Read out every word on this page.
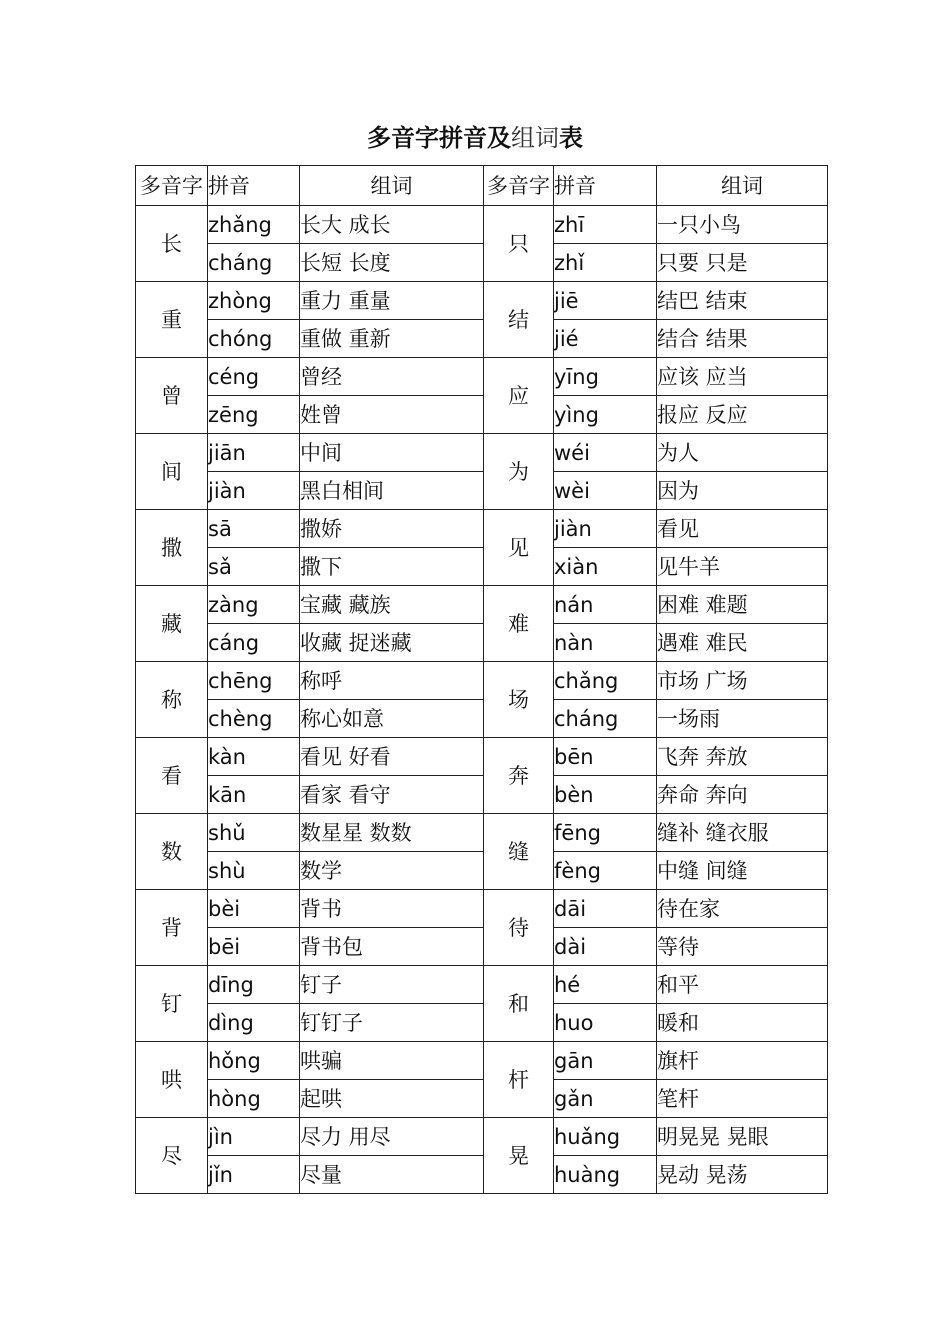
多音字拼音及组词表
多音字	拼音	组词	多音字	拼音	组词
长	zhǎng	长大 成长	只	zhī	一只小鸟
	cháng	长短 长度		zhǐ	只要 只是
重	zhòng	重力 重量	结	jiē	结巴 结束
	chóng	重做 重新		jié	结合 结果
曾	céng	曾经	应	yīng	应该 应当
	zēng	姓曾		yìng	报应 反应
间	jiān	中间	为	wéi	为人
	jiàn	黑白相间		wèi	因为
撒	sā	撒娇	见	jiàn	看见
	sǎ	撒下		xiàn	见牛羊
藏	zàng	宝藏 藏族	难	nán	困难 难题
	cáng	收藏 捉迷藏		nàn	遇难 难民
称	chēng	称呼	场	chǎng	市场 广场
	chèng	称心如意		cháng	一场雨
看	kàn	看见 好看	奔	bēn	飞奔 奔放
	kān	看家 看守		bèn	奔命 奔向
数	shǔ	数星星 数数	缝	fēng	缝补 缝衣服
	shù	数学		fèng	中缝 间缝
背	bèi	背书	待	dāi	待在家
	bēi	背书包		dài	等待
钉	dīng	钉子	和	hé	和平
	dìng	钉钉子		huo	暖和
哄	hǒng	哄骗	杆	gān	旗杆
	hòng	起哄		gǎn	笔杆
尽	jìn	尽力 用尽	晃	huǎng	明晃晃 晃眼
	jǐn	尽量		huàng	晃动 晃荡
